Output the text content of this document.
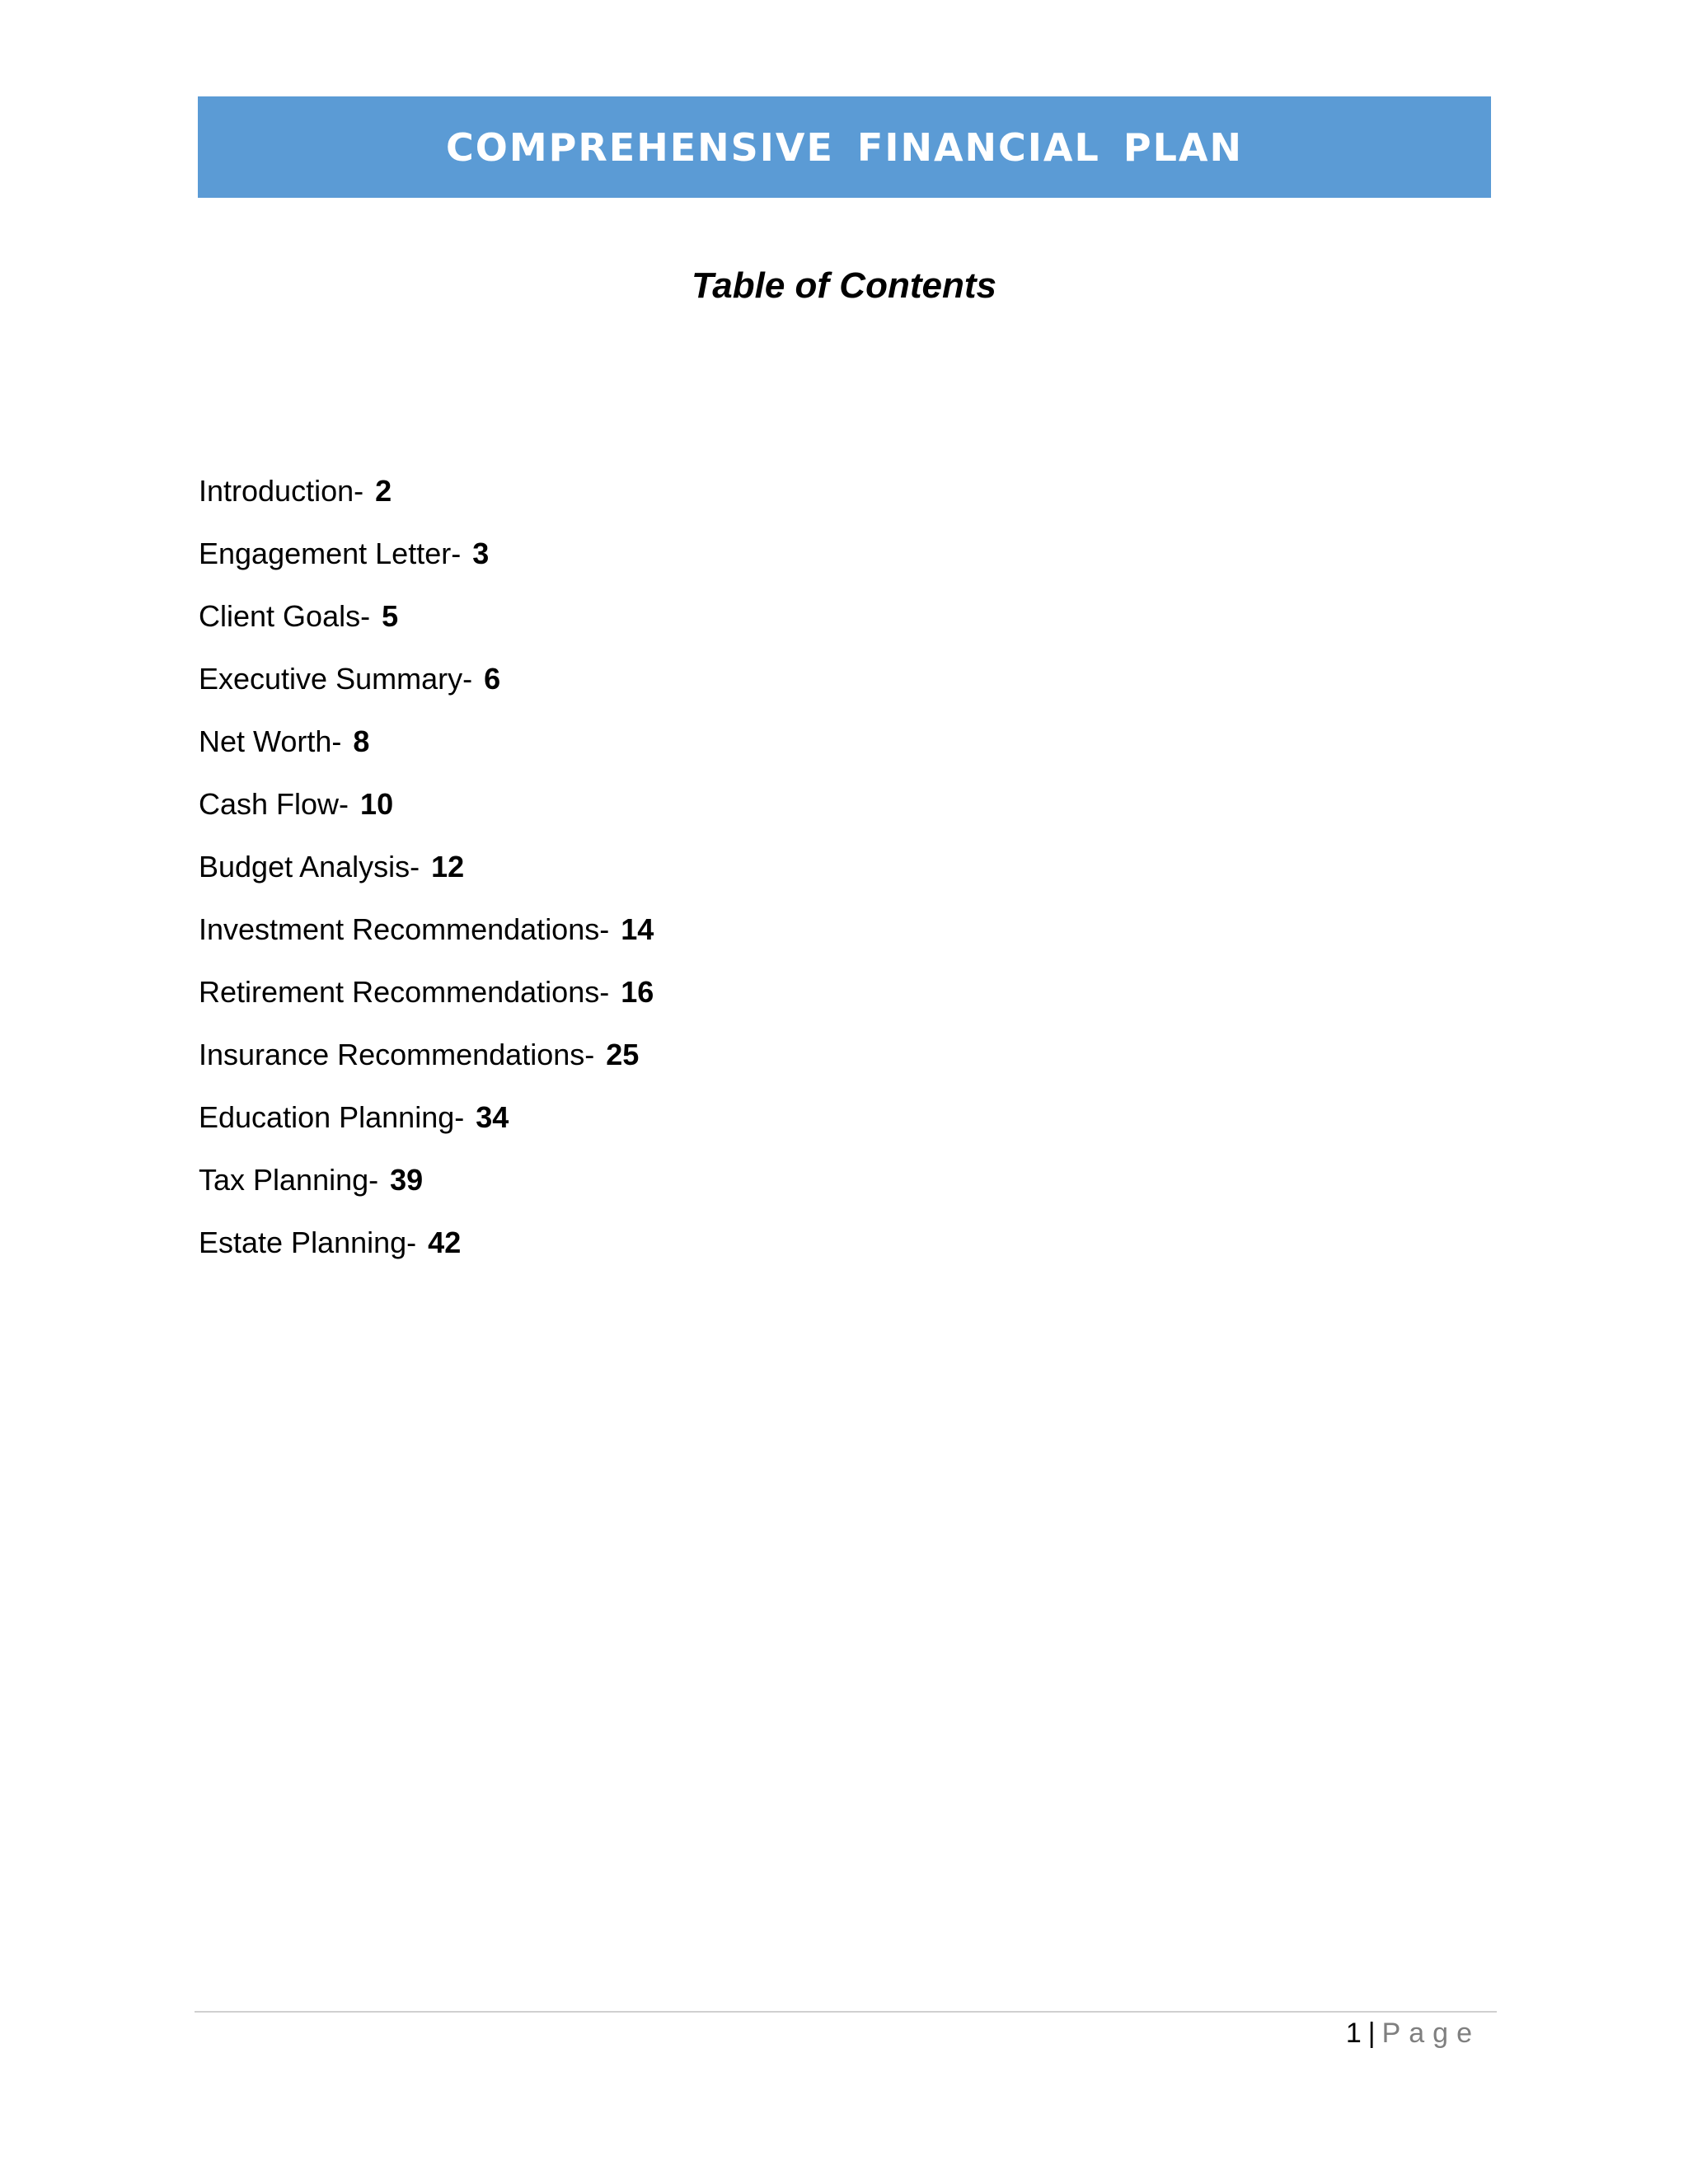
COMPREHENSIVE FINANCIAL PLAN
Table of Contents
Introduction- 2
Engagement Letter- 3
Client Goals- 5
Executive Summary- 6
Net Worth- 8
Cash Flow- 10
Budget Analysis- 12
Investment Recommendations- 14
Retirement Recommendations- 16
Insurance Recommendations- 25
Education Planning- 34
Tax Planning- 39
Estate Planning- 42
1 | Page
